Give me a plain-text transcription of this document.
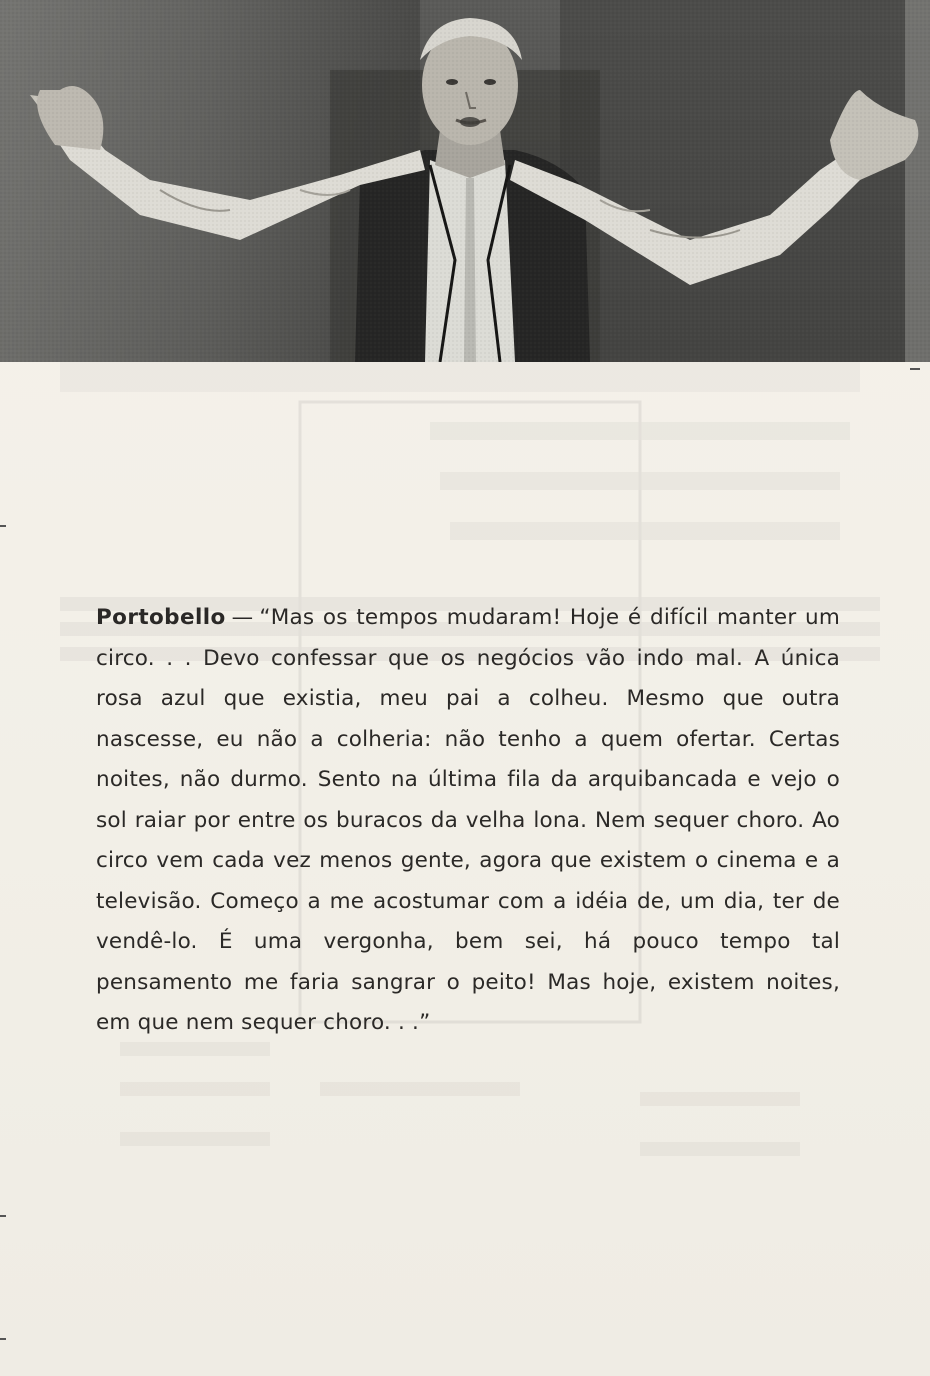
Portobello — “Mas os tempos mudaram! Hoje é difícil manter um circo. . . Devo confessar que os negócios vão indo mal. A única rosa azul que existia, meu pai a colheu. Mesmo que outra nascesse, eu não a colheria: não tenho a quem ofertar. Certas noites, não durmo. Sento na última fila da arquibancada e vejo o sol raiar por entre os buracos da velha lona. Nem sequer choro. Ao circo vem cada vez menos gente, agora que existem o cinema e a televisão. Começo a me acostumar com a idéia de, um dia, ter de vendê-lo. É uma vergonha, bem sei, há pouco tempo tal pensamento me faria sangrar o peito! Mas hoje, existem noites, em que nem sequer choro. . .”
